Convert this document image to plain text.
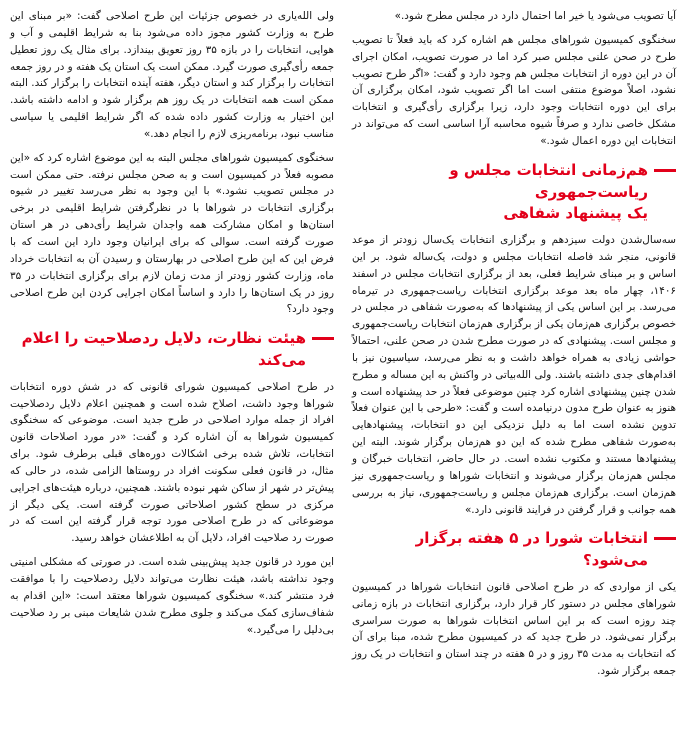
ولی الله‌یاری در خصوص جزئیات این طرح اصلاحی گفت: «بر مبنای این طرح به وزارت کشور مجوز داده می‌شود بنا به شرایط اقلیمی و آب و هوایی، انتخابات را در بازه ۳۵ روز تعویق بیندازد. برای مثال یک روز تعطیل جمعه رأی‌گیری صورت گیرد. ممکن است یک استان یک هفته و در روز جمعه انتخابات را برگزار کند و استان دیگر، هفته آینده انتخابات را برگزار کند. البته ممکن است همه انتخابات در یک روز هم برگزار شود و ادامه داشته باشد. این اختیار به وزارت کشور داده شده که اگر شرایط اقلیمی یا سیاسی مناسب نبود، برنامه‌ریزی لازم را انجام دهد.»

سخنگوی کمیسیون شوراهای مجلس البته به این موضوع اشاره کرد که «این مصوبه فعلاً در کمیسیون است و به صحن مجلس نرفته. حتی ممکن است در مجلس تصویب نشود.» با این وجود به نظر می‌رسد تغییر در شیوه برگزاری انتخابات در شوراها با در نظرگرفتن شرایط اقلیمی در برخی استان‌ها و امکان مشارکت همه واجدان شرایط رأی‌دهی در هر استان صورت گرفته است. سوالی که برای ایرانیان وجود دارد این است که با فرض این که این طرح اصلاحی در بهارستان و رسیدن آن به انتخابات خرداد ماه، وزارت کشور زودتر از مدت زمان لازم برای برگزاری انتخابات در ۳۵ روز در یک استان‌ها را دارد و اساساً امکان اجرایی کردن این طرح اصلاحی وجود دارد؟

هیئت نظارت، دلایل ردصلاحیت را اعلام می‌کند

در طرح اصلاحی کمیسیون شورای قانونی که در شش دوره انتخابات شوراها وجود داشت، اصلاح شده است و همچنین اعلام دلایل ردصلاحیت افراد از جمله موارد اصلاحی در طرح جدید است. موضوعی که سخنگوی کمیسیون شوراها به آن اشاره کرد و گفت: «در مورد اصلاحات قانون انتخابات، تلاش شده برخی اشکالات دوره‌های قبلی برطرف شود. برای مثال، در قانون فعلی سکونت افراد در روستاها الزامی شده، در حالی که پیش‌تر در شهر از ساکن شهر نبوده باشند. همچنین، درباره هیئت‌های اجرایی مرکزی در سطح کشور اصلاحاتی صورت گرفته است. یکی دیگر از موضوعاتی که در طرح اصلاحی مورد توجه قرار گرفته این است که در صورت رد صلاحیت افراد، دلایل آن به اطلاعشان خواهد رسید.

این مورد در قانون جدید پیش‌بینی شده است. در صورتی که مشکلی امنیتی وجود نداشته باشد، هیئت نظارت می‌تواند دلایل ردصلاحیت را با موافقت فرد منتشر کند.» سخنگوی کمیسیون شوراها معتقد است: «این اقدام به شفاف‌سازی کمک می‌کند و جلوی مطرح شدن شایعات مبنی بر رد صلاحیت بی‌دلیل را می‌گیرد.»

آیا تصویب می‌شود یا خیر اما احتمال دارد در مجلس مطرح شود.»

سخنگوی کمیسیون شوراهای مجلس هم اشاره کرد که باید فعلاً تا تصویب طرح در صحن علنی مجلس صبر کرد اما در صورت تصویب، امکان اجرای آن در این دوره از انتخابات مجلس هم وجود دارد و گفت: «اگر طرح تصویب نشود، اصلاً موضوع منتفی است اما اگر تصویب شود، امکان برگزاری آن برای این دوره انتخابات وجود دارد، زیرا برگزاری رأی‌گیری و انتخابات مشکل خاصی ندارد و صرفاً شیوه محاسبه آرا اساسی است که می‌تواند در انتخابات این دوره اعمال شود.»

هم‌زمانی انتخابات مجلس و ریاست‌جمهوری
یک پیشنهاد شفاهی

سه‌سال‌شدن دولت سیزدهم و برگزاری انتخابات یک‌سال زودتر از موعد قانونی، منجر شد فاصله انتخابات مجلس و دولت، یک‌ساله شود. بر این اساس و بر مبنای شرایط فعلی، بعد از برگزاری انتخابات مجلس در اسفند ۱۴۰۶، چهار ماه بعد موعد برگزاری انتخابات ریاست‌جمهوری در تیرماه می‌رسد. بر این اساس یکی از پیشنهادها که به‌صورت شفاهی در مجلس در خصوص برگزاری هم‌زمان یکی از برگزاری هم‌زمان انتخابات ریاست‌جمهوری و مجلس است. پیشنهادی که در صورت مطرح شدن در صحن علنی، احتمالاً حواشی زیادی به همراه خواهد داشت و به نظر می‌رسد، سیاسیون نیز با اقدام‌های جدی داشته باشند. ولی الله‌بیاتی در واکنش به این مساله و مطرح شدن چنین پیشنهادی اشاره کرد چنین موضوعی فعلاً در حد پیشنهاده است و هنوز به عنوان طرح مدون درنیامده است و گفت: «طرحی با این عنوان فعلاً تدوین نشده است اما به دلیل نزدیکی این دو انتخابات، پیشنهادهایی به‌صورت شفاهی مطرح شده که این دو هم‌زمان برگزار شوند. البته این پیشنهادها مستند و مکتوب نشده است. در حال حاضر، انتخابات خبرگان و مجلس هم‌زمان برگزار می‌شوند و انتخابات شوراها و ریاست‌جمهوری نیز هم‌زمان است. برگزاری هم‌زمان مجلس و ریاست‌جمهوری، نیاز به بررسی همه جوانب و قرار گرفتن در فرایند قانونی دارد.»

انتخابات شورا در ۵ هفته برگزار می‌شود؟

یکی از مواردی که در طرح اصلاحی قانون انتخابات شوراها در کمیسیون شوراهای مجلس در دستور کار قرار دارد، برگزاری انتخابات در بازه زمانی چند روزه است که بر این اساس انتخابات شوراها به صورت سراسری برگزار نمی‌شود. در طرح جدید که در کمیسیون مطرح شده، مبنا برای آن که انتخابات به مدت ۳۵ روز و در ۵ هفته در چند استان و انتخابات در یک روز جمعه برگزار شود.
